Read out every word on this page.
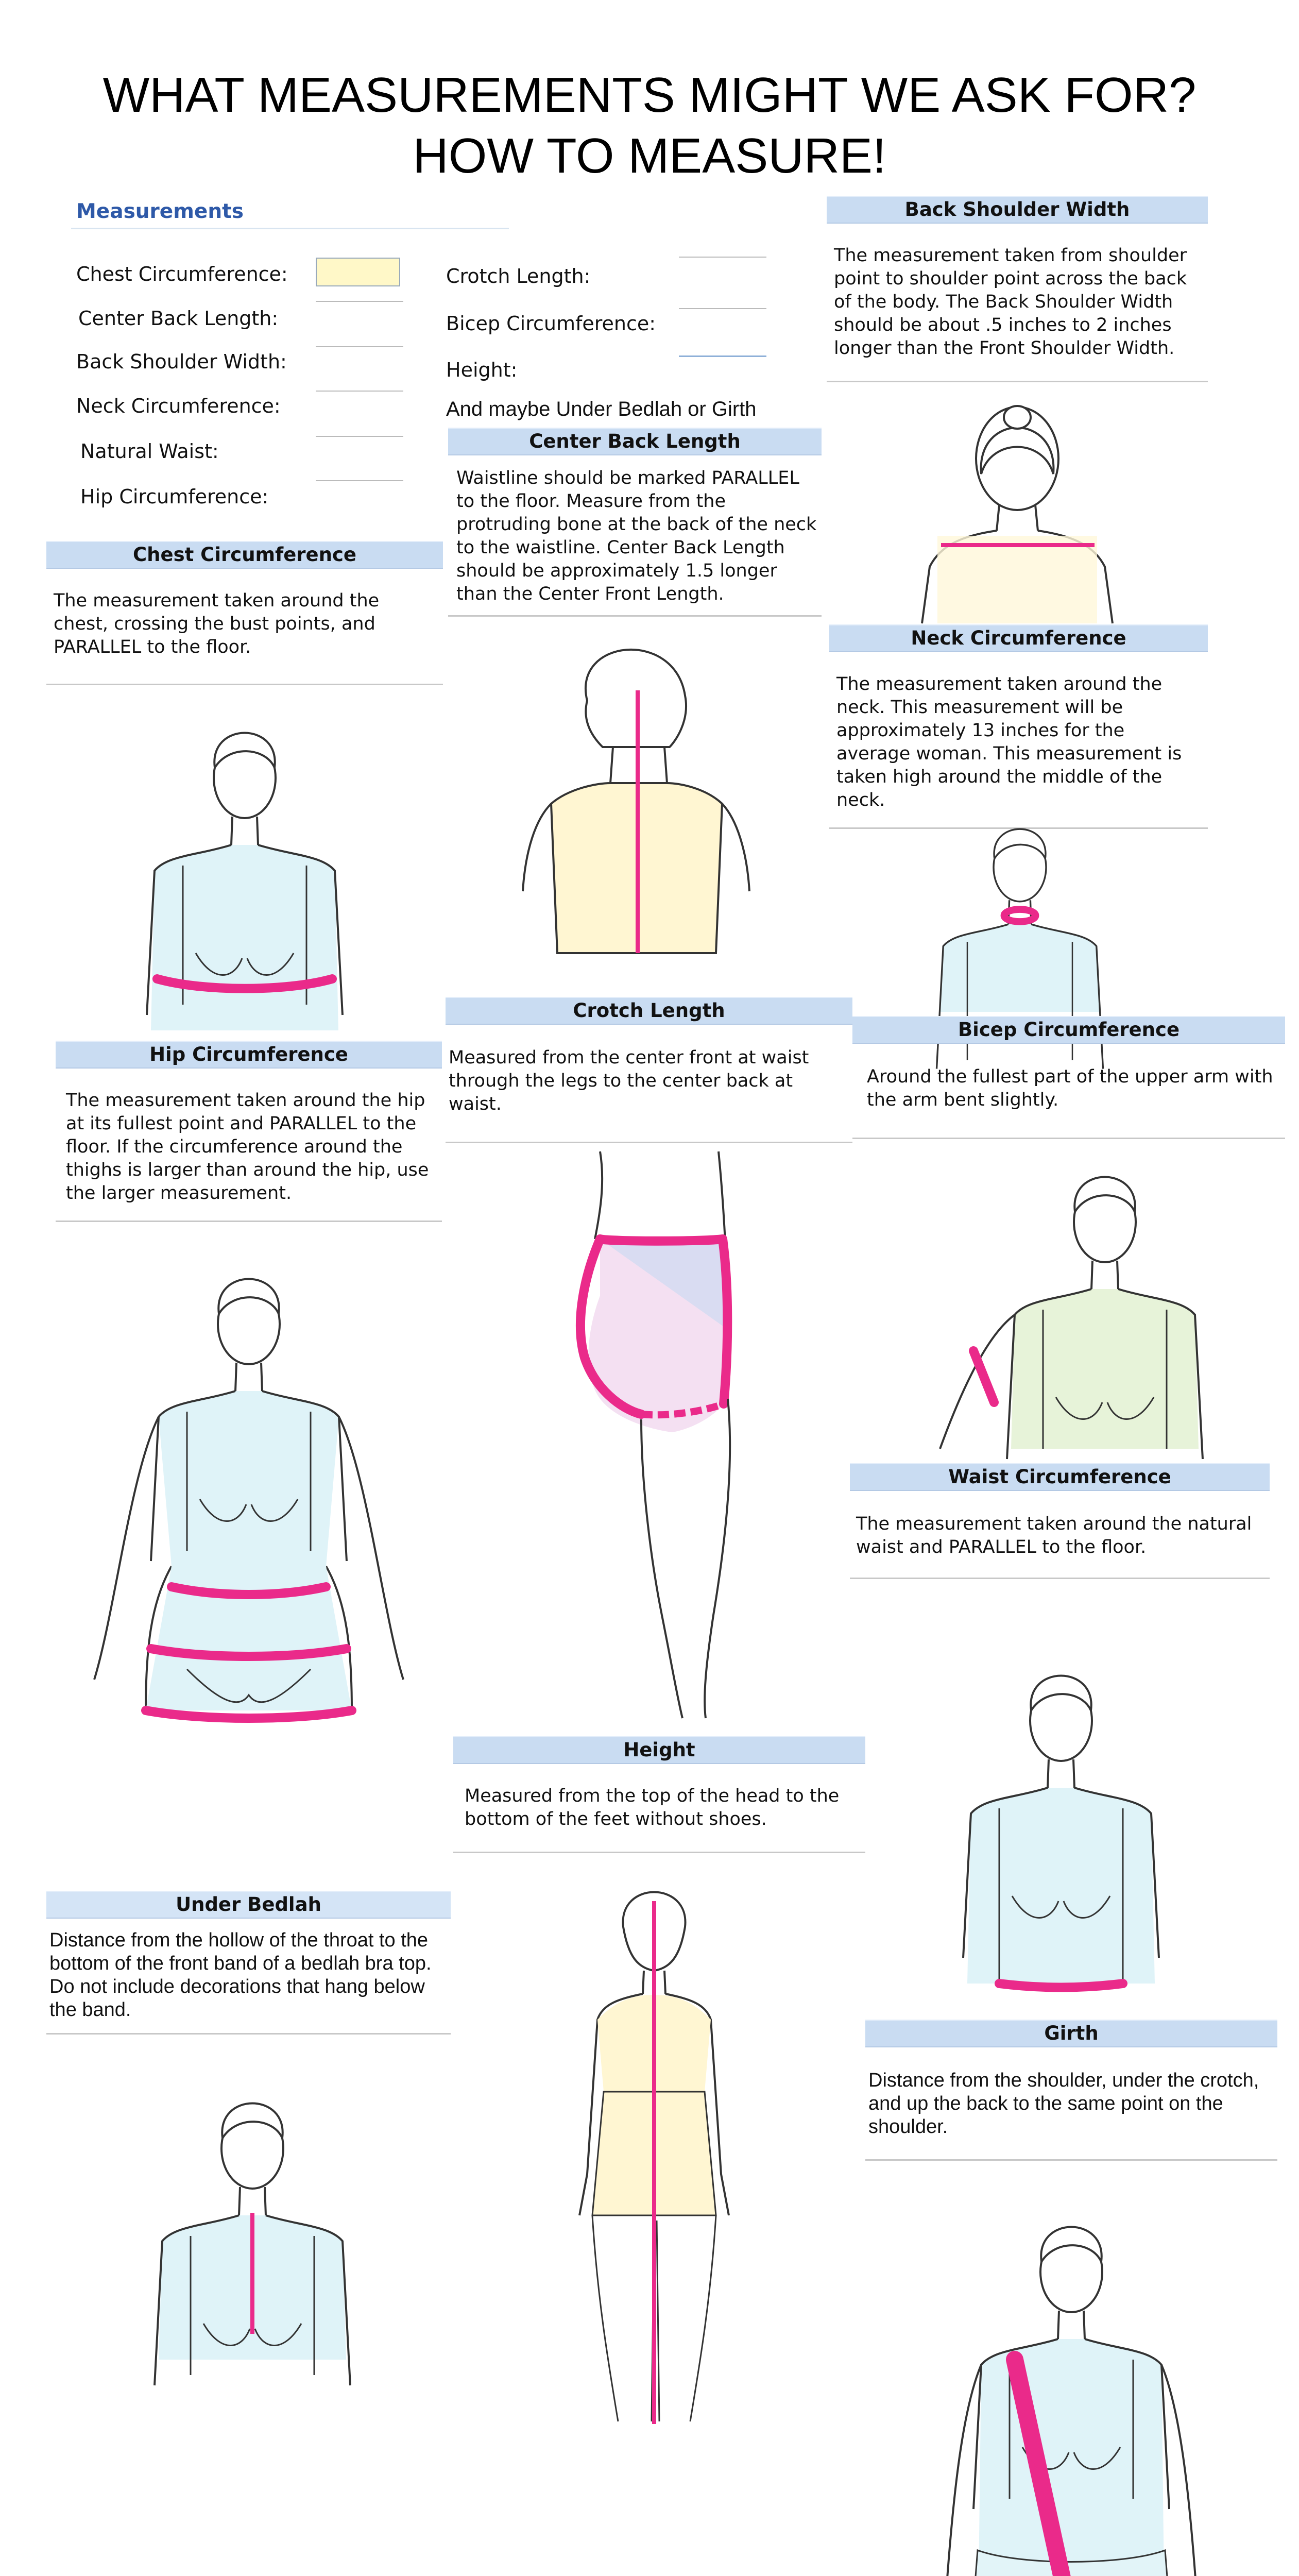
WHAT MEASUREMENTS MIGHT WE ASK FOR?
HOW TO MEASURE!
Measurements
Chest Circumference:
Center Back Length:
Back Shoulder Width:
Neck Circumference:
Natural Waist:
Hip Circumference:
Crotch Length:
Bicep Circumference:
Height:
And maybe Under Bedlah or Girth
Back Shoulder Width
The measurement taken from shoulder point to shoulder point across the back of the body. The Back Shoulder Width should be about .5 inches to 2 inches longer than the Front Shoulder Width.
Center Back Length
Waistline should be marked PARALLEL to the floor. Measure from the protruding bone at the back of the neck to the waistline. Center Back Length should be approximately 1.5 longer than the Center Front Length.
Chest Circumference
The measurement taken around the chest, crossing the bust points, and PARALLEL to the floor.	Neck Circumference
The measurement taken around the neck. This measurement will be approximately 13 inches for the average woman. This measurement is taken high around the middle of the neck.
Crotch Length
Measured from the center front at waist through the legs to the center back at waist.
Bicep Circumference
Around the fullest part of the upper arm with the arm bent slightly.
Hip Circumference
The measurement taken around the hip at its fullest point and PARALLEL to the floor. If the circumference around the thighs is larger than around the hip, use the larger measurement.
Waist Circumference
The measurement taken around the natural waist and PARALLEL to the floor.
Height
Measured from the top of the head to the bottom of the feet without shoes.
Under Bedlah
Distance from the hollow of the throat to the bottom of the front band of a bedlah bra top. Do not include decorations that hang below the band.
Girth
Distance from the shoulder, under the crotch, and up the back to the same point on the shoulder.
